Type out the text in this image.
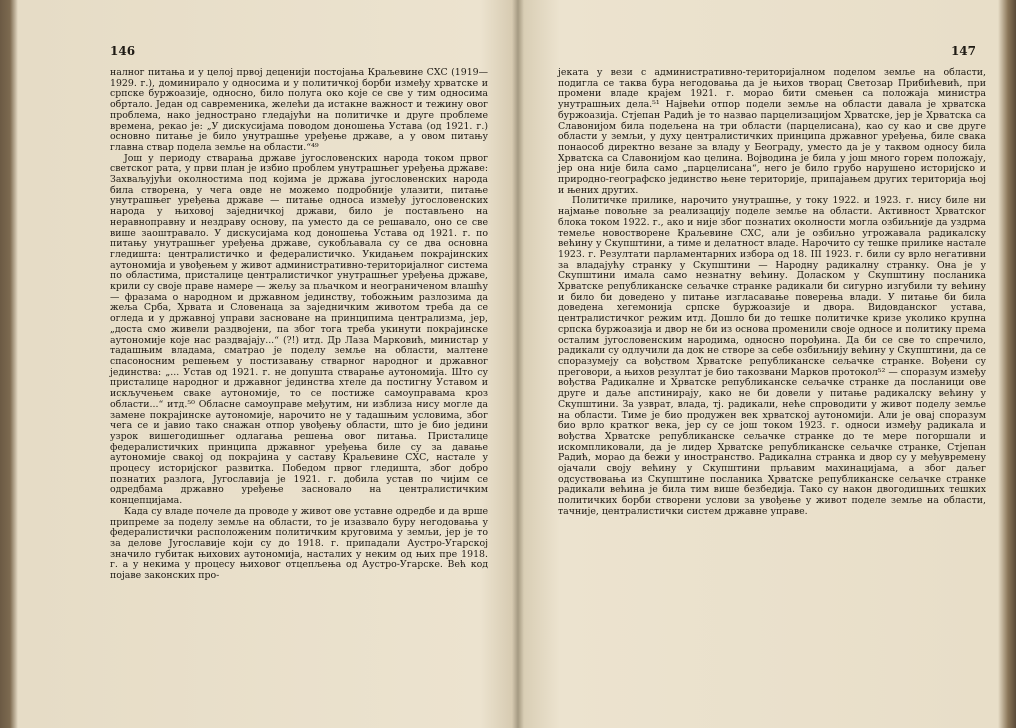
146

налног питања и у целој првој деценији постојања Краљевине СХС (1919—1929. г.), доминирало у односима и у политичкој борби између хрватске и српске буржоазије, односно, било полуга око које се све у тим односима обртало. Један од савременика, желећи да истакне важност и тежину овог проблема, нако једнострано гледајући на политичке и друге проблеме времена, рекао је: „У дискусијама поводом доношења Устава (од 1921. г.) основно питање је било унутрашње уређење државе, а у овом питању главна ствар подела земље на области.“⁴⁹

Још у периоду стварања државе југословенских народа током првог светског рата, у први план је избио проблем унутрашњег уређења државе: Захваљујући околностима под којима је држава југословенских народа била створена, у чега овде не можемо подробније улазити, питање унутрашњег уређења државе — питање односа између југословенских народа у њиховој заједничкој држави, било је постављено на неравноправну и нездраву основу, па уместо да се решавало, оно се све више заоштравало. У дискусијама код доношења Устава од 1921. г. по питању унутрашњег уређења државе, сукобљавала су се два основна гледишта: централистичко и федералистичко. Укидањем покрајинских аутономија и увођењем у живот административно-територијалног система по областима, присталице централистичког унутрашњег уређења државе, крили су своје праве намере — жељу за пљачком и неограниченом влашћу — фразама о народном и државном јединству, тобожњим разлозима да жеља Срба, Хрвата и Словенаца за заједничким животом треба да се огледа и у државној управи засноване на принципима централизма, јер, „доста смо живели раздвојени, па због тога треба укинути покрајинске аутономије које нас раздвајају...“ (?!) итд. Др Лаза Марковић, министар у тадашњим владама, сматрао је поделу земље на области, малтене спасоносним решењем у постизавању стварног народног и државног јединства: „... Устав од 1921. г. не допушта стварање аутономија. Што су присталице народног и државног јединства хтеле да постигну Уставом и искључењем сваке аутономије, то се постиже самоуправама кроз области...“ итд.⁵⁰ Обласне самоуправе међутим, ни изблиза нису могле да замене покрајинске аутономије, нарочито не у тадашњим условима, због чега се и јавио тако снажан отпор увођењу области, што је био једини узрок вишегодишњег одлагања решења овог питања. Присталице федералистичких принципа државног уређења биле су за давање аутономије свакој од покрајина у саставу Краљевине СХС, настале у процесу историјског развитка. Победом првог гледишта, због добро познатих разлога, Југославија је 1921. г. добила устав по чијим се одредбама државно уређење засновало на централистичким концепцијама.

Када су владе почеле да проводе у живот ове уставне одредбе и да врше припреме за поделу земље на области, то је изазвало буру негодовања у федералистички расположеним политичким круговима у земљи, јер је то за делове Југославије који су до 1918. г. припадали Аустро-Угарској значило губитак њихових аутономија, насталих у неким од њих пре 1918. г. а у некима у процесу њиховог отцепљења од Аустро-Угарске. Већ код појаве законских про-

147

јеката у вези с административно-територијалном поделом земље на области, подигла се таква бура негодовања да је њихов творац Светозар Прибићевић, при промени владе крајем 1921. г. морао бити смењен са положаја министра унутрашњих дела.⁵¹ Највећи отпор подели земље на области давала је хрватска буржоазија. Стјепан Радић је то назвао парцелизацијом Хрватске, јер је Хрватска са Славонијом била подељена на три области (парцелисана), као су као и све друге области у земљи, у духу централистичких принципа државног уређења, биле свака понаособ директно везане за владу у Београду, уместо да је у таквом односу била Хрватска са Славонијом као целина. Војводина је била у још много горем положају, јер она није била само „парцелисана“, него је било грубо нарушено историјско и природно-географско јединство њене територије, припајањем других територија њој и њених других.

Политичке прилике, нарочито унутрашње, у току 1922. и 1923. г. нису биле ни најмање повољне за реализацију поделе земље на области. Активност Хрватског блока током 1922. г., ако и није због познатих околности могла озбиљније да уздрма темеље новостворене Краљевине СХС, али је озбиљно угрожавала радикалску већину у Скупштини, а тиме и делатност владе. Нарочито су тешке прилике настале 1923. г. Резултати парламентарних избора од 18. III 1923. г. били су врло негативни за владајућу странку у Скупштини — Народну радикалну странку. Она је у Скупштини имала само незнатну већину. Доласком у Скупштину посланика Хрватске републиканске сељачке странке радикали би сигурно изгубили ту већину и било би доведено у питање изгласавање поверења влади. У питање би била доведена хегемонија српске буржоазије и двора. Видовданског устава, централистичког режим итд. Дошло би до тешке политичке кризе уколико крупна српска буржоазија и двор не би из основа променили своје односе и политику према осталим југословенским народима, односно порођина. Да би се све то спречило, радикали су одлучили да док не створе за себе озбиљнију већину у Скупштини, да се споразумеју са вођством Хрватске републиканске сељачке странке. Вођени су преговори, а њихов резултат је био такозвани Марков протокол⁵² — споразум између вођства Радикалне и Хрватске републиканске сељачке странке да посланици ове друге и даље апстинирају, како не би довели у питање радикалску већину у Скупштини. За узврат, влада, тј. радикали, неће спроводити у живот поделу земље на области. Тиме је био продужен век хрватској аутономији. Али је овај споразум био врло кратког века, јер су се још током 1923. г. односи између радикала и вођства Хрватске републиканске сељачке странке до те мере погоршали и искомпликовали, да је лидер Хрватске републиканске сељачке странке, Стјепан Радић, морао да бежи у иностранство. Радикална странка и двор су у међувремену ојачали своју већину у Скупштини прљавим махинацијама, а због даљег одсуствовања из Скупштине посланика Хрватске републиканске сељачке странке радикали већина је била тим више безбедија. Тако су након двогодишњих тешких политичких борби створени услови за увођење у живот поделе земље на области, тачније, централистички систем државне управе.
